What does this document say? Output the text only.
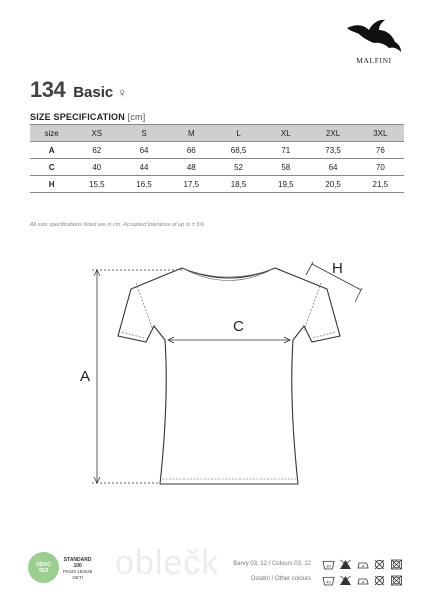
MALFINI
134 Basic ♀
SIZE SPECIFICATION [cm]
size	XS	S	M	L	XL	2XL	3XL
A	62	64	66	68,5	71	73,5	76
C	40	44	48	52	58	64	70
H	15,5	16,5	17,5	18,5	19,5	20,5	21,5
All size specifications listed are in cm. Accepted tolerance of up to ± 5%.
A
C
H
oblečk
OEKO
TEX
STANDARD
100
P0420 153249
OETI
Barvy 03, 12 / Colours 03, 12
Ostatní / Other colours
30
40
